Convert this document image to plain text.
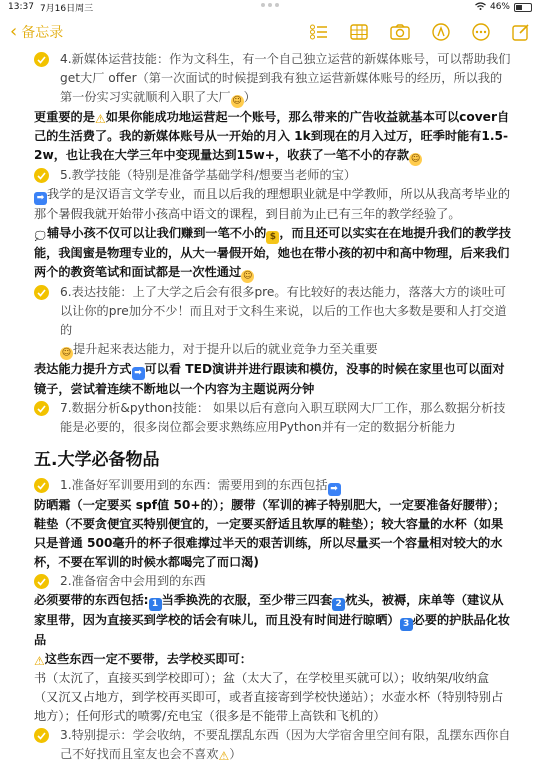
13:37 7月16日周三	46%
‹ 备忘录
4.新媒体运营技能：作为文科生，有一个自己独立运营的新媒体账号，可以帮助我们get大厂 offer（第一次面试的时候提到我有独立运营新媒体账号的经历，所以我的第一份实习实就顺利入职了大厂 ☺ ）

更重要的是⚠如果你能成功地运营起一个账号，那么带来的广告收益就基本可以cover自己的生活费了。我的新媒体账号从一开始的月入 1k到现在的月入过万，旺季时能有1.5-2w，也让我在大学三年中变现量达到15w+，收获了一笔不小的存款 ☺

5.教学技能（特别是准备学基础学科/想要当老师的宝）

➡ 我学的是汉语言文学专业，而且以后我的理想职业就是中学教师，所以从我高考毕业的那个暑假我就开始带小孩高中语文的课程，到目前为止已有三年的教学经验了。

💭辅导小孩不仅可以让我们赚到一笔不小的 $ ，而且还可以实实在在地提升我们的教学技能，我闺蜜是物理专业的，从大一暑假开始，她也在带小孩的初中和高中物理，后来我们两个的教资笔试和面试都是一次性通过 ☺

6.表达技能：上了大学之后会有很多pre。有比较好的表达能力，落落大方的谈吐可以让你的pre加分不少！而且对于文科生来说，以后的工作也大多数是要和人打交道的
☺ 提升起来表达能力，对于提升以后的就业竞争力至关重要

表达能力提升方式 ➡ 可以看 TED演讲并进行跟读和模仿，没事的时候在家里也可以面对镜子，尝试着连续不断地以一个内容为主题说两分钟

7.数据分析&python技能： 如果以后有意向入职互联网大厂工作，那么数据分析技能是必要的，很多岗位都会要求熟练应用Python并有一定的数据分析能力
五.大学必备物品
1.准备好军训要用到的东西：需要用到的东西包括 ➡

防晒霜（一定要买 spf值 50+的）；腰带（军训的裤子特别肥大，一定要准备好腰带）；鞋垫（不要贪便宜买特别便宜的，一定要买舒适且软厚的鞋垫）；较大容量的水杯（如果只是普通 500毫升的杯子很难撑过半天的艰苦训练，所以尽量买一个容量相对较大的水杯，不要在军训的时候水都喝完了而口渴)

2.准备宿舍中会用到的东西

必须要带的东西包括: 1 当季换洗的衣服，至少带三四套 2 枕头，被褥，床单等（建议从家里带，因为直接买到学校的话会有味儿，而且没有时间进行晾晒） 3 必要的护肤品化妆品

⚠这些东西一定不要带，去学校买即可：

书（太沉了，直接买到学校即可）；盆（太大了，在学校里买就可以）；收纳架/收纳盒（又沉又占地方，到学校再买即可，或者直接寄到学校快递站）；水壶水杯（特别特别占地方）；任何形式的喷雾/充电宝（很多是不能带上高铁和飞机的）

3.特别提示：学会收纳，不要乱摆乱东西（因为大学宿舍里空间有限，乱摆东西你自己不好找而且室友也会不喜欢⚠）
